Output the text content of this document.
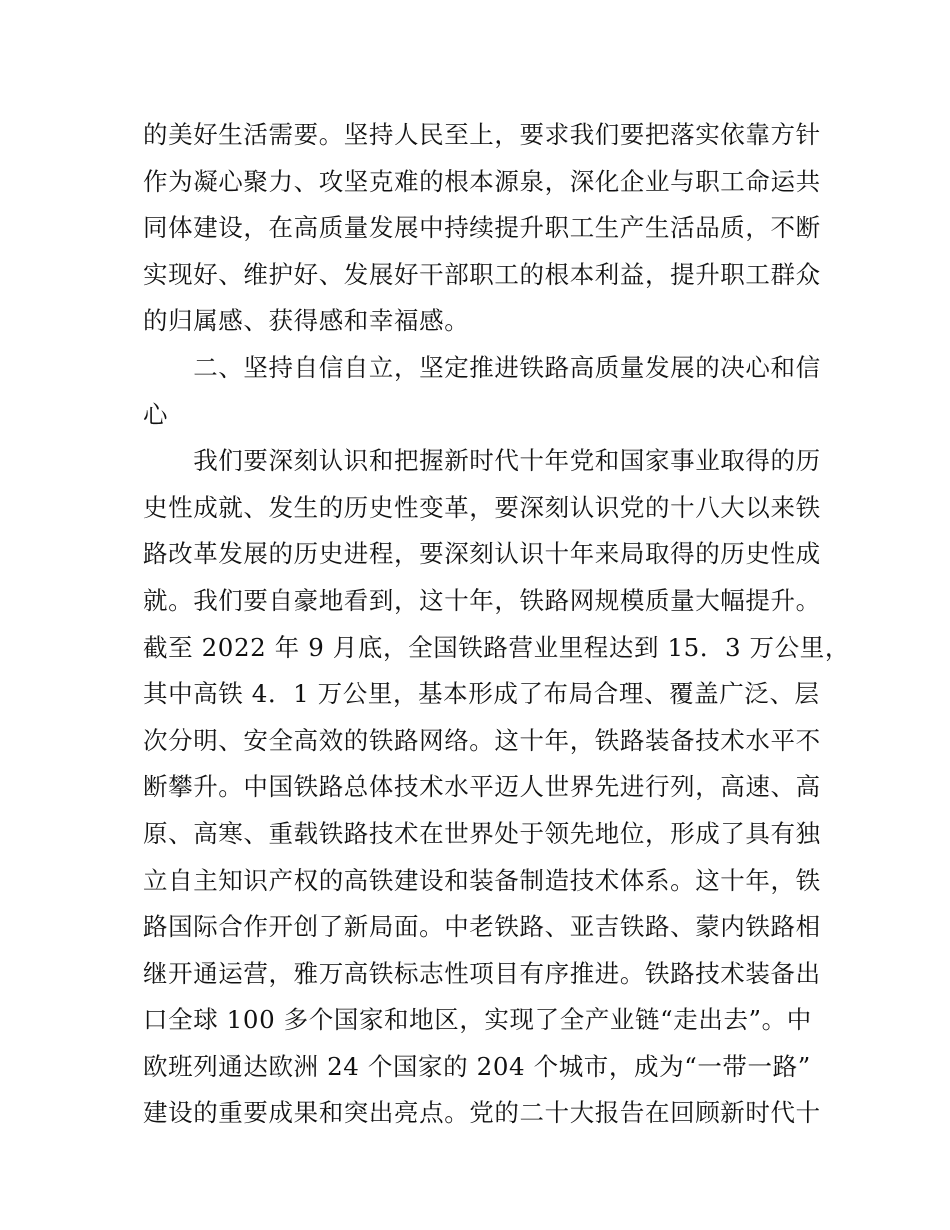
的美好生活需要。坚持人民至上，要求我们要把落实依靠方针
作为凝心聚力、攻坚克难的根本源泉，深化企业与职工命运共
同体建设，在高质量发展中持续提升职工生产生活品质，不断
实现好、维护好、发展好干部职工的根本利益，提升职工群众
的归属感、获得感和幸福感。

　　二、坚持自信自立，坚定推进铁路高质量发展的决心和信
心

　　我们要深刻认识和把握新时代十年党和国家事业取得的历
史性成就、发生的历史性变革，要深刻认识党的十八大以来铁
路改革发展的历史进程，要深刻认识十年来局取得的历史性成
就。我们要自豪地看到，这十年，铁路网规模质量大幅提升。
截至 2022 年 9 月底，全国铁路营业里程达到 15．3 万公里，
其中高铁 4．1 万公里，基本形成了布局合理、覆盖广泛、层
次分明、安全高效的铁路网络。这十年，铁路装备技术水平不
断攀升。中国铁路总体技术水平迈人世界先进行列，高速、高
原、高寒、重载铁路技术在世界处于领先地位，形成了具有独
立自主知识产权的高铁建设和装备制造技术体系。这十年，铁
路国际合作开创了新局面。中老铁路、亚吉铁路、蒙内铁路相
继开通运营，雅万高铁标志性项目有序推进。铁路技术装备出
口全球 100 多个国家和地区，实现了全产业链“走出去”。中
欧班列通达欧洲 24 个国家的 204 个城市，成为“一带一路”
建设的重要成果和突出亮点。党的二十大报告在回顾新时代十
